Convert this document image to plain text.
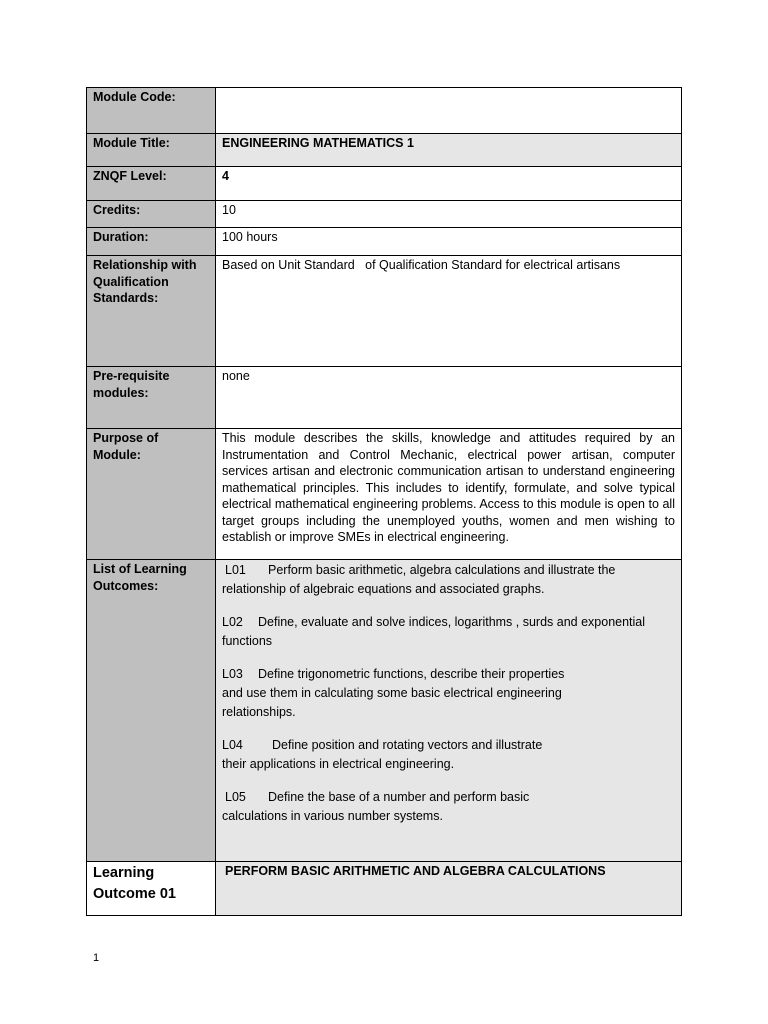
Module Code:	
Module Title:	ENGINEERING MATHEMATICS 1
ZNQF Level:	4
Credits:	10
Duration:	100 hours
Relationship with Qualification Standards:	Based on Unit Standard   of Qualification Standard for electrical artisans
Pre-requisite modules:	none
Purpose of Module:	This module describes the skills, knowledge and attitudes required by an Instrumentation and Control Mechanic, electrical power artisan, computer services artisan and electronic communication artisan to understand engineering mathematical principles. This includes to identify, formulate, and solve typical electrical mathematical engineering problems. Access to this module is open to all target groups including the unemployed youths, women and men wishing to establish or improve SMEs in electrical engineering.
List of Learning Outcomes:	L01 Perform basic arithmetic, algebra calculations and illustrate the relationship of algebraic equations and associated graphs.
L02 Define, evaluate and solve indices, logarithms , surds and exponential functions
L03 Define trigonometric functions, describe their properties and use them in calculating some basic electrical engineering relationships.
L04 Define position and rotating vectors and illustrate their applications in electrical engineering.
L05 Define the base of a number and perform basic calculations in various number systems.

Learning Outcome 01	PERFORM BASIC ARITHMETIC AND ALGEBRA CALCULATIONS
1
